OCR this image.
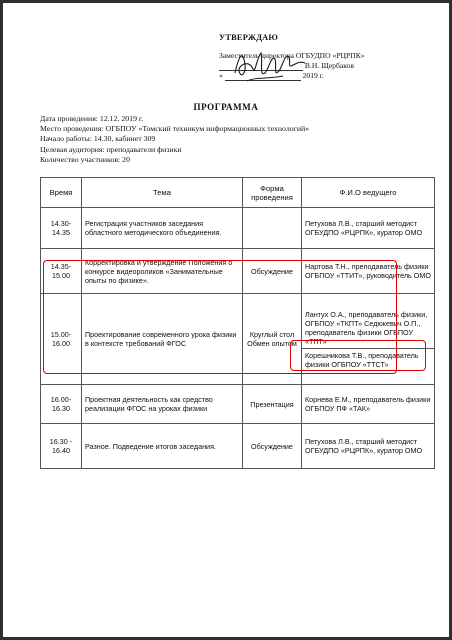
УТВЕРЖДАЮ
Заместитель директора ОГБУДПО «РЦРПК»
В.Н. Щербаков
«	2019 г.
ПРОГРАММА
Дата проведения: 12.12. 2019 г.
Место проведения: ОГБПОУ «Томский техникум информационных технологий»
Начало работы: 14.30, кабинет 309
Целевая аудитория: преподаватели физики
Количество участников: 20
Время	Тема	Форма проведения	Ф.И.О ведущего
14.30-14.35	Регистрация участников заседания областного методического объединения.		Петухова Л.В., старший методист ОГБУДПО «РЦРПК», куратор ОМО
14.35-15.00	Корректировка и утверждение Положения о конкурсе видеороликов «Занимательные опыты по физике».	Обсуждение	Нартова Т.Н., преподаватель физики ОГБПОУ «ТТИТ», руководитель ОМО
15.00-16.00	Проектирование современного урока физики в контексте требований ФГОС	Круглый стол Обмен опытом	Лантух О.А., преподаватель физики, ОГБПОУ «ТКПТ» Седюкевич О.П., преподаватель физики ОГБПОУ «ТПТ»
Корешникова Т.В., преподаватель физики ОГБПОУ «ТТСТ»

16.00-16.30	Проектная деятельность как средство реализации ФГОС на уроках физики	Презентация	Корнева Е.М., преподаватель физики ОГБПОУ ПФ «ТАК»
16.30 - 16.40	Разное. Подведение итогов заседания.	Обсуждение	Петухова Л.В., старший методист ОГБУДПО «РЦРПК», куратор ОМО
